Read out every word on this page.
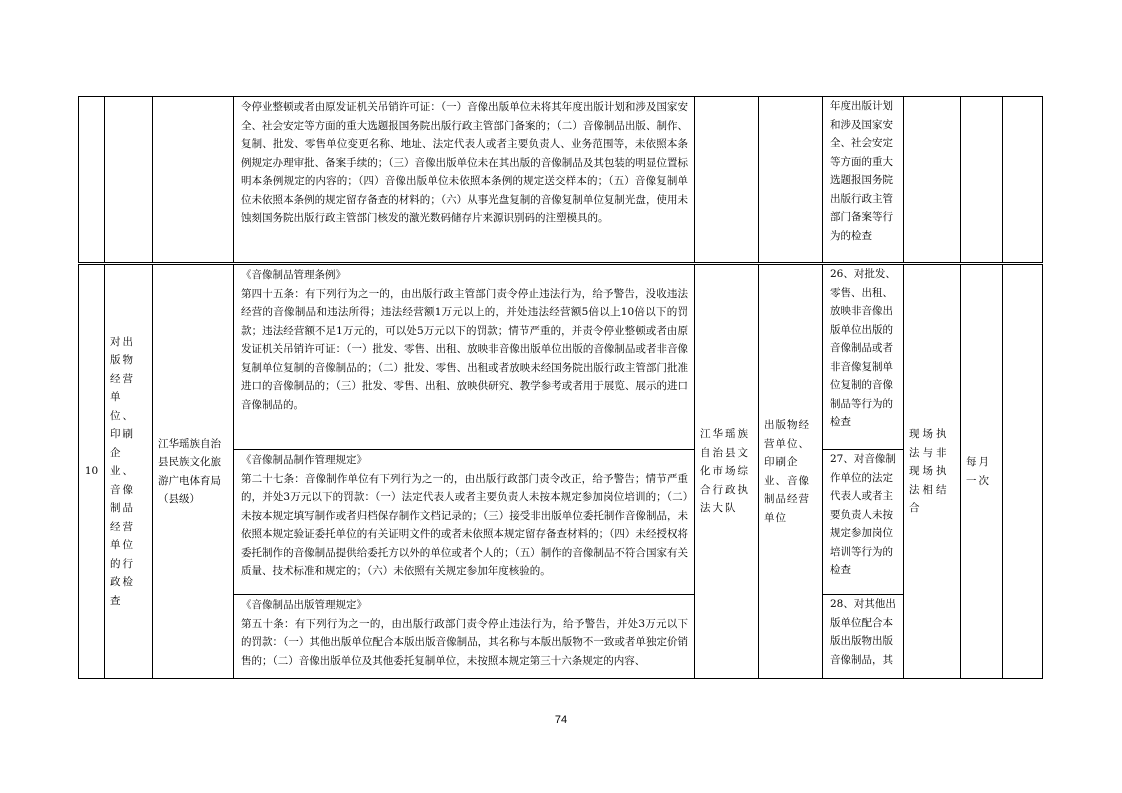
			令停业整顿或者由原发证机关吊销许可证：（一）音像出版单位未将其年度出版计划和涉及国家安全、社会安定等方面的重大选题报国务院出版行政主管部门备案的；（二）音像制品出版、制作、复制、批发、零售单位变更名称、地址、法定代表人或者主要负责人、业务范围等，未依照本条例规定办理审批、备案手续的；（三）音像出版单位未在其出版的音像制品及其包装的明显位置标明本条例规定的内容的；（四）音像出版单位未依照本条例的规定送交样本的；（五）音像复制单位未依照本条例的规定留存备查的材料的；（六）从事光盘复制的音像复制单位复制光盘，使用未蚀刻国务院出版行政主管部门核发的激光数码储存片来源识别码的注塑模具的。			年度出版计划和涉及国家安全、社会安定等方面的重大选题报国务院出版行政主管部门备案等行为的检查			

10	对出版物经营单位、印刷企业、音像制品经营单位的行政检查	江华瑶族自治县民族文化旅游广电体育局（县级）	《音像制品管理条例》
第四十五条：有下列行为之一的，由出版行政主管部门责令停止违法行为，给予警告，没收违法经营的音像制品和违法所得；违法经营额1万元以上的，并处违法经营额5倍以上10倍以下的罚款；违法经营额不足1万元的，可以处5万元以下的罚款；情节严重的，并责令停业整顿或者由原发证机关吊销许可证：（一）批发、零售、出租、放映非音像出版单位出版的音像制品或者非音像复制单位复制的音像制品的；（二）批发、零售、出租或者放映未经国务院出版行政主管部门批准进口的音像制品的；（三）批发、零售、出租、放映供研究、教学参考或者用于展览、展示的进口音像制品的。	江华瑶族自治县文化市场综合行政执法大队	出版物经营单位、印刷企业、音像制品经营单位	26、对批发、零售、出租、放映非音像出版单位出版的音像制品或者非音像复制单位复制的音像制品等行为的检查	现场执法与非现场执法相结合	每月一次	

			《音像制品制作管理规定》
第二十七条：音像制作单位有下列行为之一的，由出版行政部门责令改正，给予警告；情节严重的，并处3万元以下的罚款：（一）法定代表人或者主要负责人未按本规定参加岗位培训的；（二）未按本规定填写制作或者归档保存制作文档记录的；（三）接受非出版单位委托制作音像制品，未依照本规定验证委托单位的有关证明文件的或者未依照本规定留存备查材料的；（四）未经授权将委托制作的音像制品提供给委托方以外的单位或者个人的；（五）制作的音像制品不符合国家有关质量、技术标准和规定的；（六）未依照有关规定参加年度核验的。			27、对音像制作单位的法定代表人或者主要负责人未按规定参加岗位培训等行为的检查			

			《音像制品出版管理规定》
第五十条：有下列行为之一的，由出版行政部门责令停止违法行为，给予警告，并处3万元以下的罚款：（一）其他出版单位配合本版出版音像制品，其名称与本版出版物不一致或者单独定价销售的；（二）音像出版单位及其他委托复制单位，未按照本规定第三十六条规定的内容、			28、对其他出版单位配合本版出版物出版音像制品，其			
74
